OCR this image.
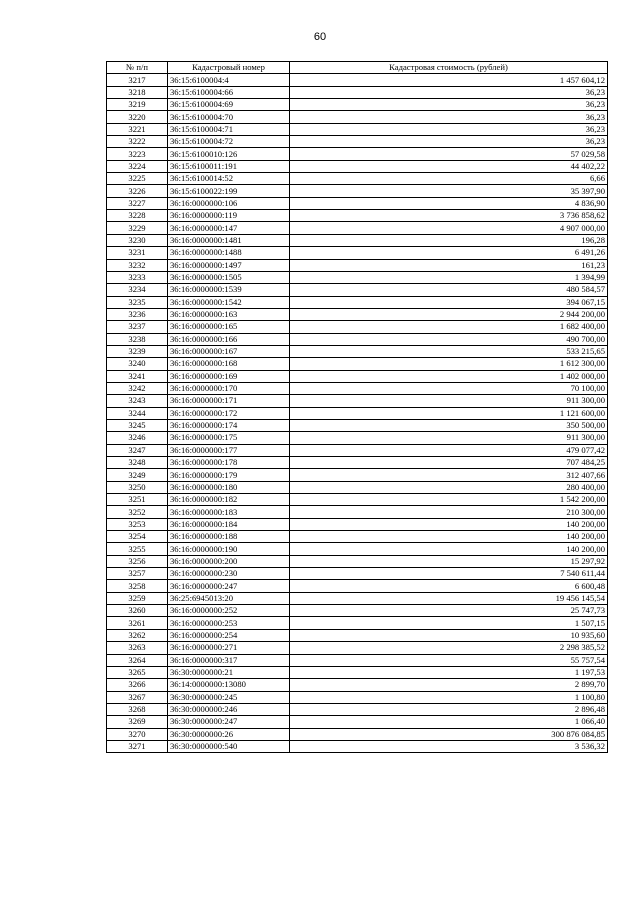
60
№ п/п	Кадастровый номер	Кадастровая стоимость (рублей)
3217	36:15:6100004:4	1 457 604,12
3218	36:15:6100004:66	36,23
3219	36:15:6100004:69	36,23
3220	36:15:6100004:70	36,23
3221	36:15:6100004:71	36,23
3222	36:15:6100004:72	36,23
3223	36:15:6100010:126	57 029,58
3224	36:15:6100011:191	44 402,22
3225	36:15:6100014:52	6,66
3226	36:15:6100022:199	35 397,90
3227	36:16:0000000:106	4 836,90
3228	36:16:0000000:119	3 736 858,62
3229	36:16:0000000:147	4 907 000,00
3230	36:16:0000000:1481	196,28
3231	36:16:0000000:1488	6 491,26
3232	36:16:0000000:1497	161,23
3233	36:16:0000000:1505	1 394,99
3234	36:16:0000000:1539	480 584,57
3235	36:16:0000000:1542	394 067,15
3236	36:16:0000000:163	2 944 200,00
3237	36:16:0000000:165	1 682 400,00
3238	36:16:0000000:166	490 700,00
3239	36:16:0000000:167	533 215,65
3240	36:16:0000000:168	1 612 300,00
3241	36:16:0000000:169	1 402 000,00
3242	36:16:0000000:170	70 100,00
3243	36:16:0000000:171	911 300,00
3244	36:16:0000000:172	1 121 600,00
3245	36:16:0000000:174	350 500,00
3246	36:16:0000000:175	911 300,00
3247	36:16:0000000:177	479 077,42
3248	36:16:0000000:178	707 484,25
3249	36:16:0000000:179	312 407,66
3250	36:16:0000000:180	280 400,00
3251	36:16:0000000:182	1 542 200,00
3252	36:16:0000000:183	210 300,00
3253	36:16:0000000:184	140 200,00
3254	36:16:0000000:188	140 200,00
3255	36:16:0000000:190	140 200,00
3256	36:16:0000000:200	15 297,92
3257	36:16:0000000:230	7 540 611,44
3258	36:16:0000000:247	6 600,48
3259	36:25:6945013:20	19 456 145,54
3260	36:16:0000000:252	25 747,73
3261	36:16:0000000:253	1 507,15
3262	36:16:0000000:254	10 935,60
3263	36:16:0000000:271	2 298 385,52
3264	36:16:0000000:317	55 757,54
3265	36:30:0000000:21	1 197,53
3266	36:14:0000000:13080	2 899,70
3267	36:30:0000000:245	1 100,80
3268	36:30:0000000:246	2 896,48
3269	36:30:0000000:247	1 066,40
3270	36:30:0000000:26	300 876 084,85
3271	36:30:0000000:540	3 536,32
